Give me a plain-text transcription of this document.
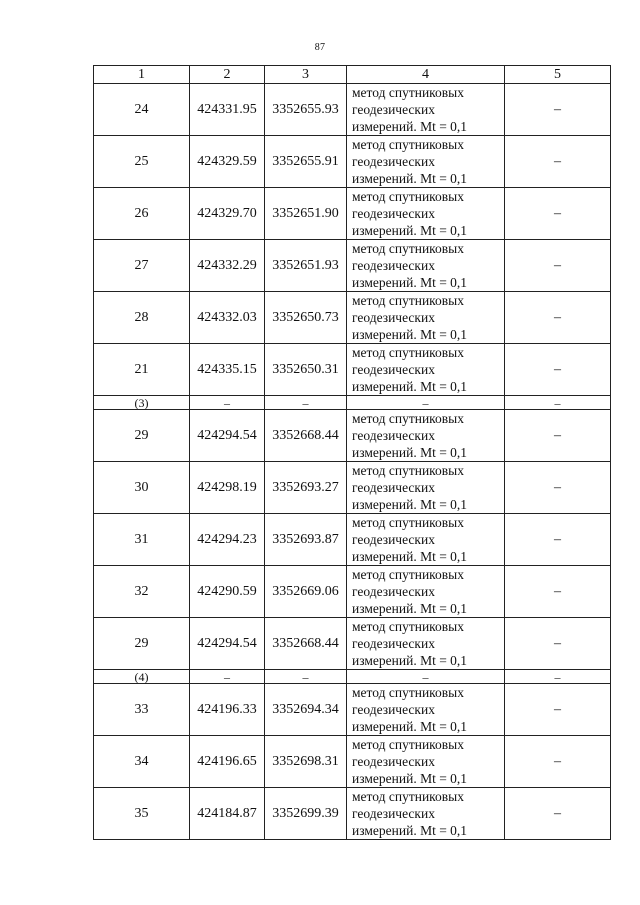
87
1	2	3	4	5
24	424331.95	3352655.93	метод спутниковых
геодезических
измерений. Mt = 0,1	–
25	424329.59	3352655.91	метод спутниковых
геодезических
измерений. Mt = 0,1	–
26	424329.70	3352651.90	метод спутниковых
геодезических
измерений. Mt = 0,1	–
27	424332.29	3352651.93	метод спутниковых
геодезических
измерений. Mt = 0,1	–
28	424332.03	3352650.73	метод спутниковых
геодезических
измерений. Mt = 0,1	–
21	424335.15	3352650.31	метод спутниковых
геодезических
измерений. Mt = 0,1	–
(3)	–	–	–	–
29	424294.54	3352668.44	метод спутниковых
геодезических
измерений. Mt = 0,1	–
30	424298.19	3352693.27	метод спутниковых
геодезических
измерений. Mt = 0,1	–
31	424294.23	3352693.87	метод спутниковых
геодезических
измерений. Mt = 0,1	–
32	424290.59	3352669.06	метод спутниковых
геодезических
измерений. Mt = 0,1	–
29	424294.54	3352668.44	метод спутниковых
геодезических
измерений. Mt = 0,1	–
(4)	–	–	–	–
33	424196.33	3352694.34	метод спутниковых
геодезических
измерений. Mt = 0,1	–
34	424196.65	3352698.31	метод спутниковых
геодезических
измерений. Mt = 0,1	–
35	424184.87	3352699.39	метод спутниковых
геодезических
измерений. Mt = 0,1	–
